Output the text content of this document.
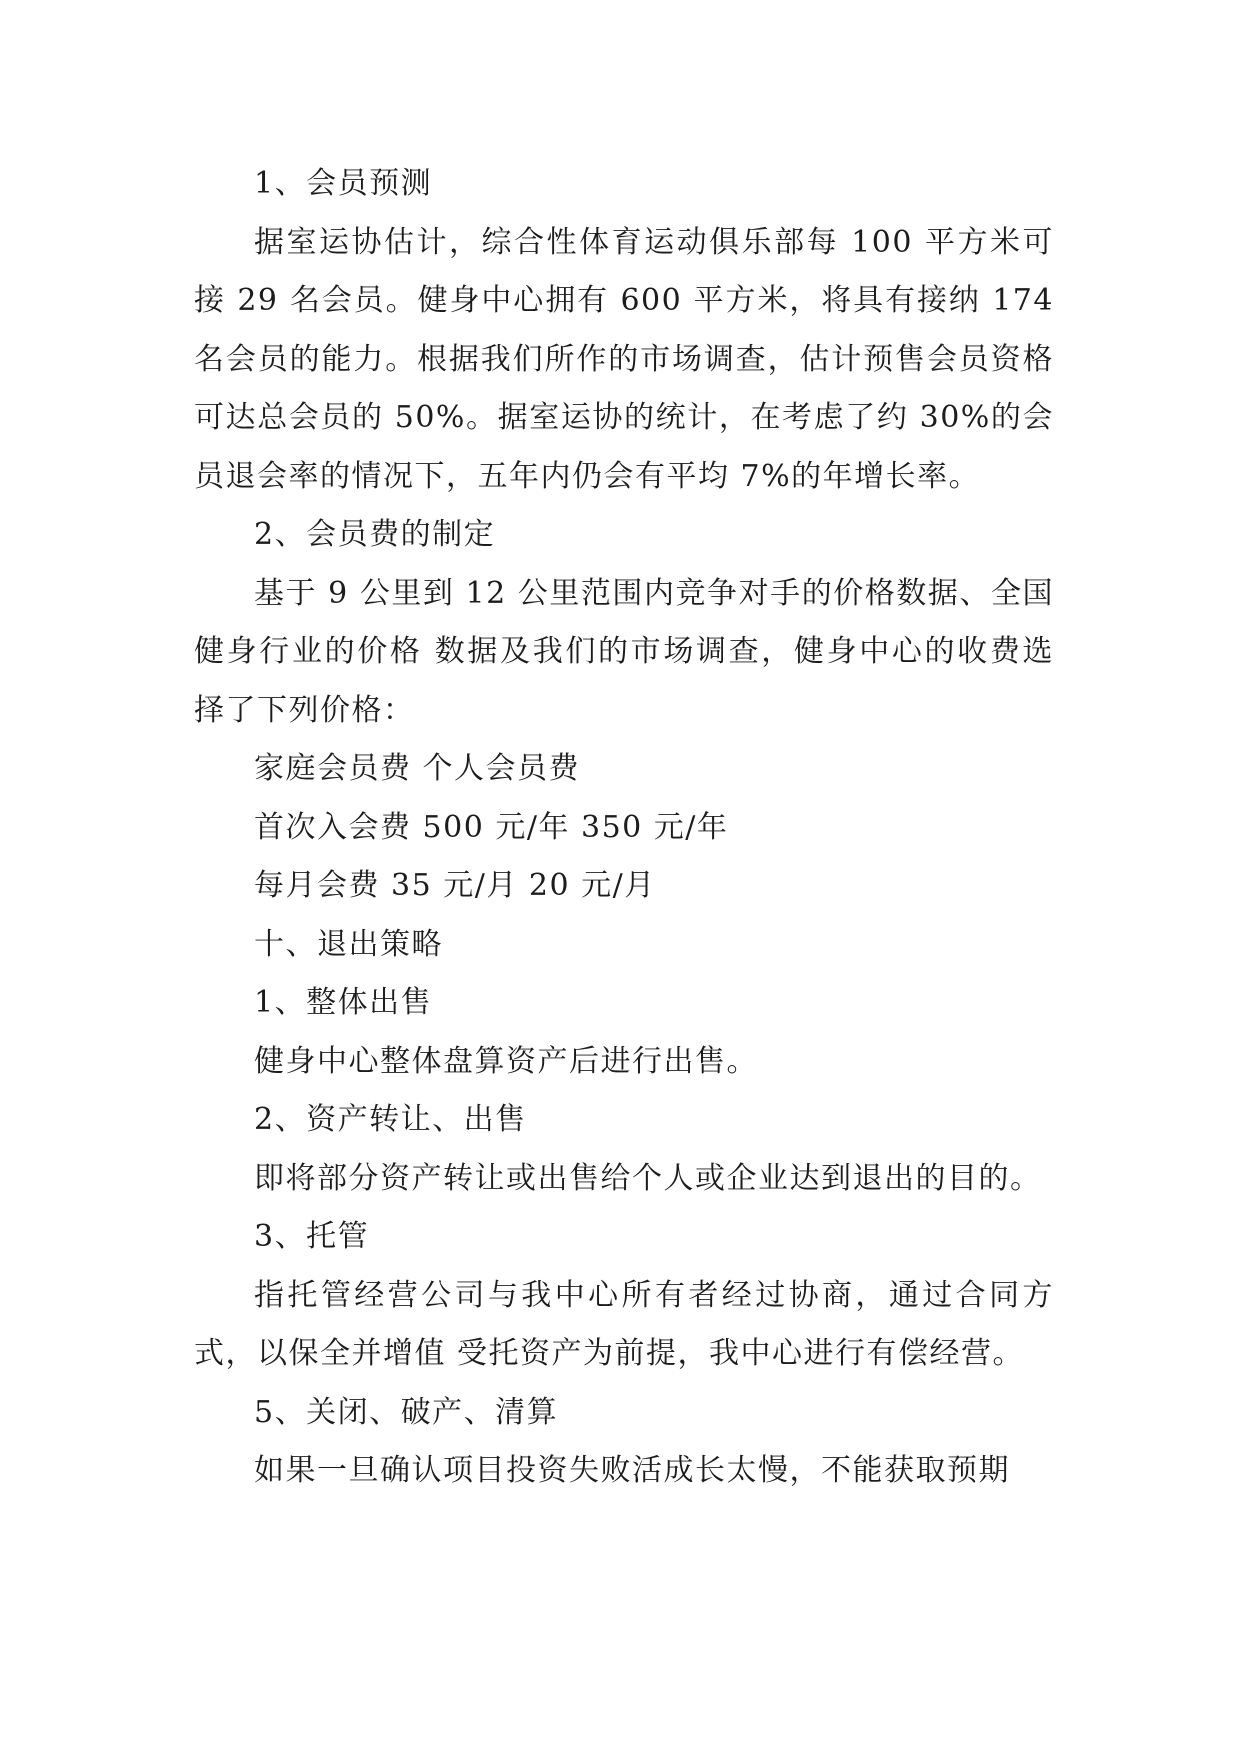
1、会员预测

据室运协估计，综合性体育运动俱乐部每 100 平方米可接 29 名会员。健身中心拥有 600 平方米，将具有接纳 174 名会员的能力。根据我们所作的市场调查，估计预售会员资格可达总会员的 50%。据室运协的统计，在考虑了约 30%的会员退会率的情况下，五年内仍会有平均 7%的年增长率。

2、会员费的制定

基于 9 公里到 12 公里范围内竞争对手的价格数据、全国健身行业的价格 数据及我们的市场调查，健身中心的收费选择了下列价格：

家庭会员费 个人会员费

首次入会费 500 元/年 350 元/年

每月会费 35 元/月 20 元/月

十、退出策略

1、整体出售

健身中心整体盘算资产后进行出售。

2、资产转让、出售

即将部分资产转让或出售给个人或企业达到退出的目的。

3、托管

指托管经营公司与我中心所有者经过协商，通过合同方式，以保全并增值 受托资产为前提，我中心进行有偿经营。

5、关闭、破产、清算

如果一旦确认项目投资失败活成长太慢，不能获取预期
